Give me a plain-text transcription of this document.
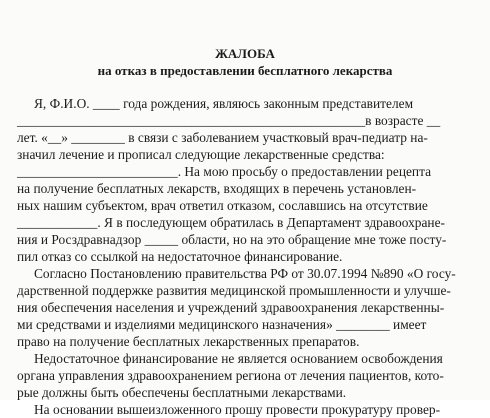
ЖАЛОБА
на отказ в предоставлении бесплатного лекарства
Я, Ф.И.О. ____ года рождения, являюсь законным представителем
____________________________________________________в возрасте __
лет. «__» ________ в связи с заболеванием участковый врач-педиатр на-
значил лечение и прописал следующие лекарственные средства:
________________________. На мою просьбу о предоставлении рецепта
на получение бесплатных лекарств, входящих в перечень установлен-
ных нашим субъектом, врач ответил отказом, сославшись на отсутствие
____________. Я в последующем обратилась в Департамент здравоохране-
ния и Росздравнадзор _____ области, но на это обращение мне тоже посту-
пил отказ со ссылкой на недостаточное финансирование.
Согласно Постановлению правительства РФ от 30.07.1994 №890 «О госу-
дарственной поддержке развития медицинской промышленности и улучше-
ния обеспечения населения и учреждений здравоохранения лекарственны-
ми средствами и изделиями медицинского назначения» ________ имеет
право на получение бесплатных лекарственных препаратов.
Недостаточное финансирование не является основанием освобождения
органа управления здравоохранением региона от лечения пациентов, кото-
рые должны быть обеспечены бесплатными лекарствами.
На основании вышеизложенного прошу провести прокуратуру провер-
